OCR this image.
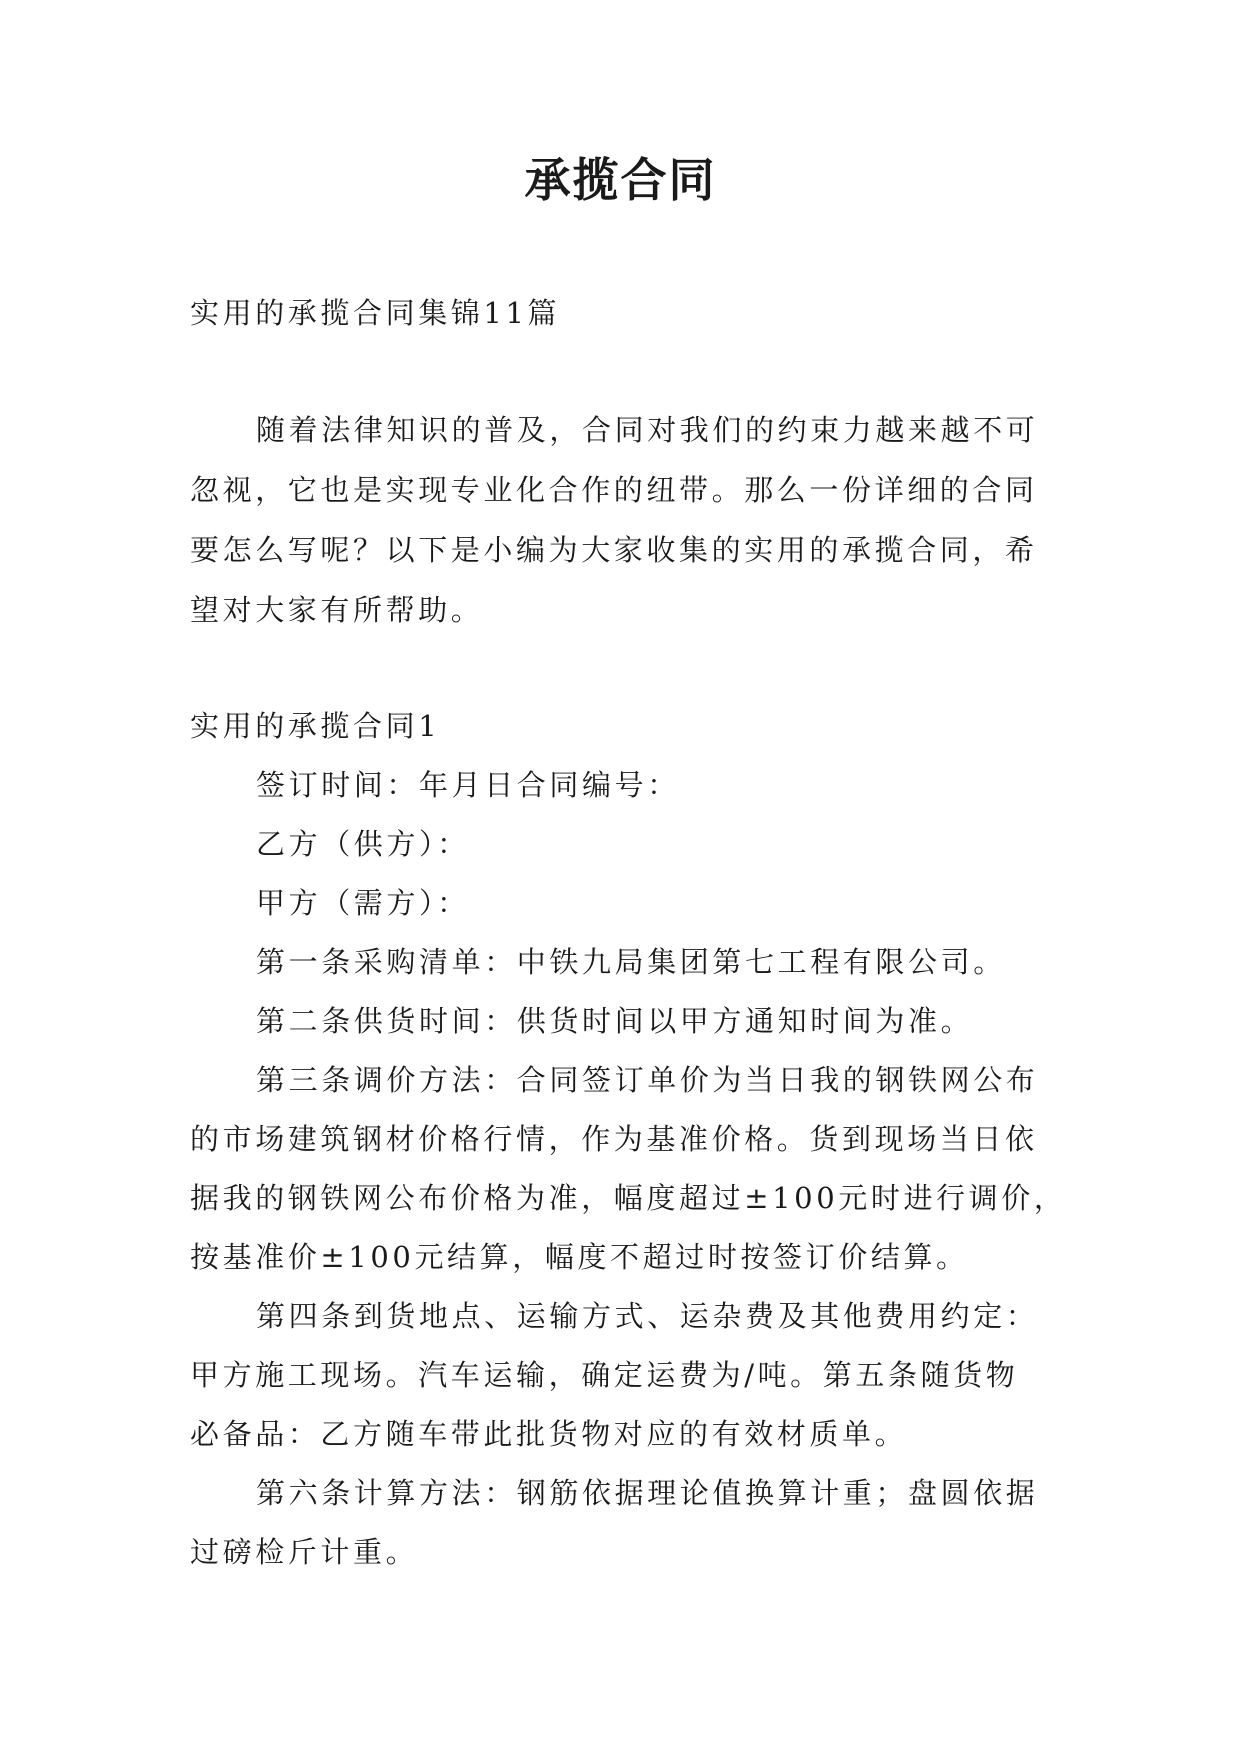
承揽合同
实用的承揽合同集锦11篇
随着法律知识的普及，合同对我们的约束力越来越不可
忽视，它也是实现专业化合作的纽带。那么一份详细的合同
要怎么写呢？以下是小编为大家收集的实用的承揽合同，希
望对大家有所帮助。
实用的承揽合同1
签订时间：年月日合同编号：
乙方（供方）：
甲方（需方）：
第一条采购清单：中铁九局集团第七工程有限公司。
第二条供货时间：供货时间以甲方通知时间为准。
第三条调价方法：合同签订单价为当日我的钢铁网公布
的市场建筑钢材价格行情，作为基准价格。货到现场当日依
据我的钢铁网公布价格为准，幅度超过±100元时进行调价，
按基准价±100元结算，幅度不超过时按签订价结算。
第四条到货地点、运输方式、运杂费及其他费用约定：
甲方施工现场。汽车运输，确定运费为/吨。第五条随货物
必备品：乙方随车带此批货物对应的有效材质单。
第六条计算方法：钢筋依据理论值换算计重；盘圆依据
过磅检斤计重。
